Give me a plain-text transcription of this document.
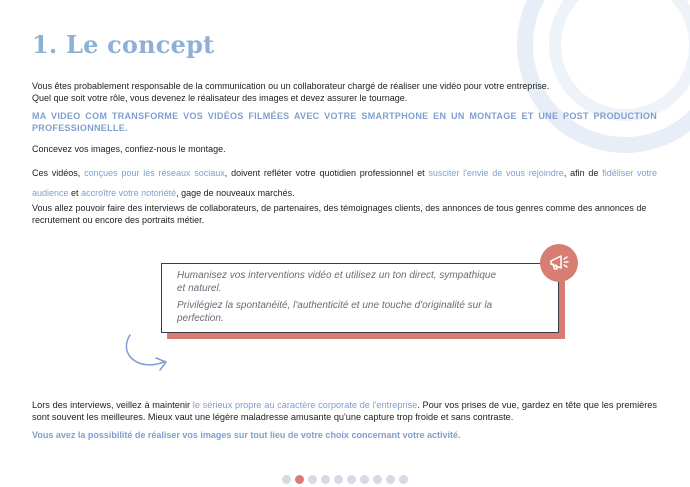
1. Le concept

Vous êtes probablement responsable de la communication ou un collaborateur chargé de réaliser une vidéo pour votre entreprise.
Quel que soit votre rôle, vous devenez le réalisateur des images et devez assurer le tournage.

MA VIDEO COM TRANSFORME VOS VIDÉOS FILMÉES AVEC VOTRE SMARTPHONE EN UN MONTAGE ET UNE POST PRODUCTION PROFESSIONNELLE.

Concevez vos images, confiez-nous le montage.

Ces vidéos, conçues pour les réseaux sociaux, doivent refléter votre quotidien professionnel et susciter l'envie de vous rejoindre, afin de fidéliser votre audience et accroître votre notoriété, gage de nouveaux marchés.

Vous allez pouvoir faire des interviews de collaborateurs, de partenaires, des témoignages clients, des annonces de tous genres comme des annonces de recrutement ou encore des portraits métier.

Humanisez vos interventions vidéo et utilisez un ton direct, sympathique

et naturel.

Privilégiez la spontanéité, l'authenticité et une touche d'originalité sur la

perfection.

Lors des interviews, veillez à maintenir le sérieux propre au caractère corporate de l'entreprise. Pour vos prises de vue, gardez en tête que les premières sont souvent les meilleures. Mieux vaut une légère maladresse amusante qu'une capture trop froide et sans contraste.

Vous avez la possibilité de réaliser vos images sur tout lieu de votre choix concernant votre activité.
